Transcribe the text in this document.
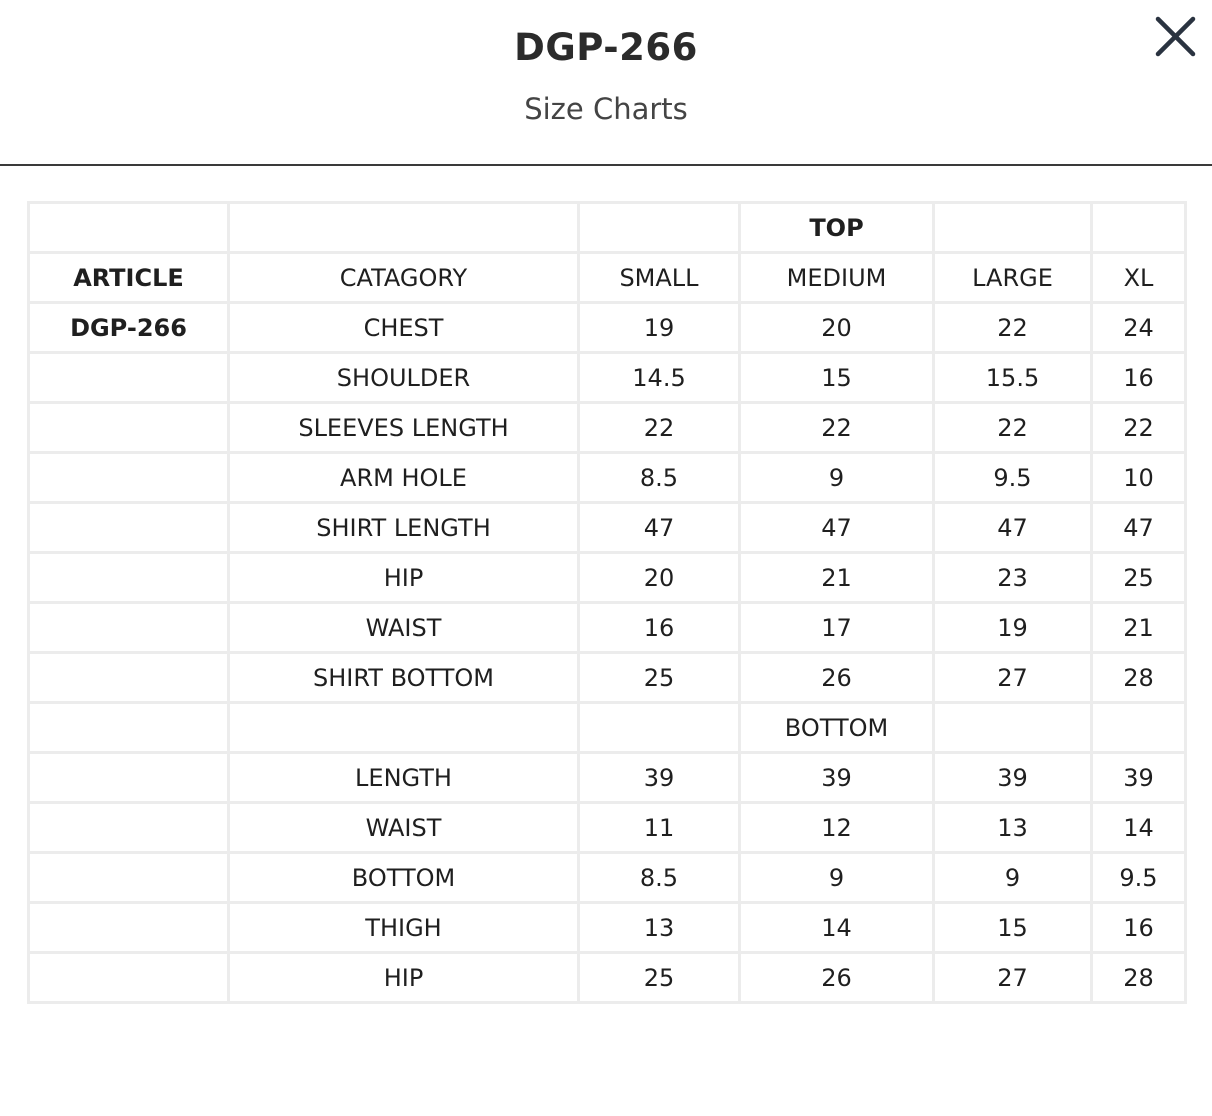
DGP-266
Size Charts
			TOP		
ARTICLE	CATAGORY	SMALL	MEDIUM	LARGE	XL
DGP-266	CHEST	19	20	22	24
	SHOULDER	14.5	15	15.5	16
	SLEEVES LENGTH	22	22	22	22
	ARM HOLE	8.5	9	9.5	10
	SHIRT LENGTH	47	47	47	47
	HIP	20	21	23	25
	WAIST	16	17	19	21
	SHIRT BOTTOM	25	26	27	28
			BOTTOM		
	LENGTH	39	39	39	39
	WAIST	11	12	13	14
	BOTTOM	8.5	9	9	9.5
	THIGH	13	14	15	16
	HIP	25	26	27	28
